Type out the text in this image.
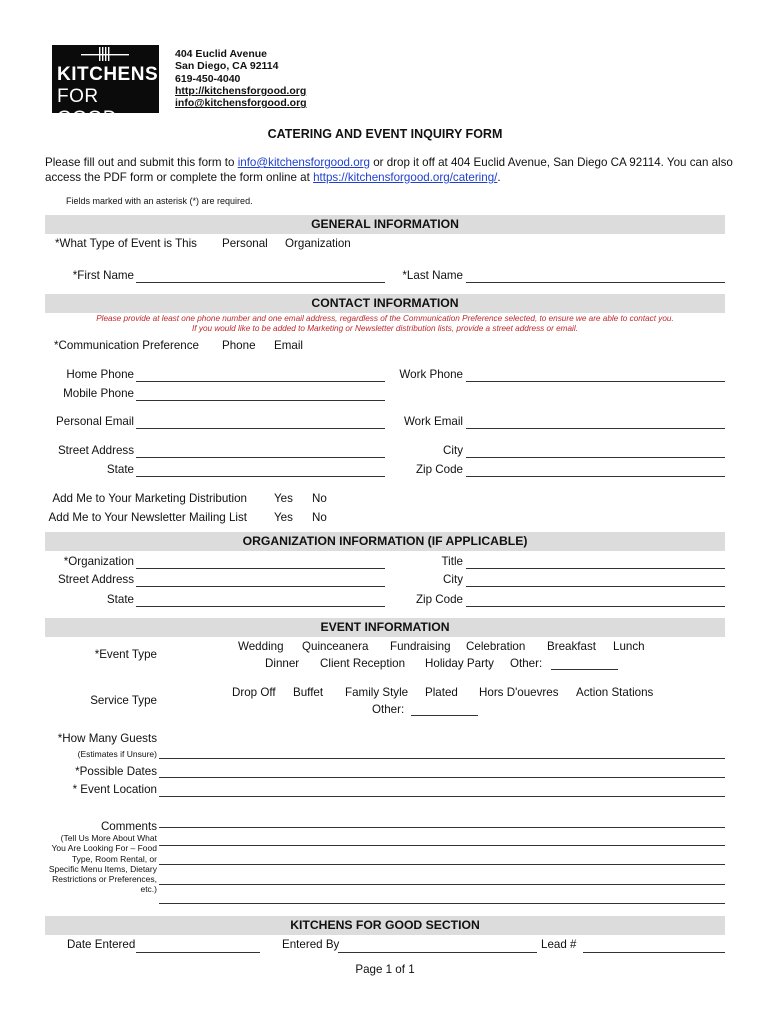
KITCHENS
FOR GOOD
404 Euclid Avenue
San Diego, CA 92114
619-450-4040
http://kitchensforgood.org
info@kitchensforgood.org
CATERING AND EVENT INQUIRY FORM
Please fill out and submit this form to info@kitchensforgood.org or drop it off at 404 Euclid Avenue, San Diego CA 92114. You can also access the PDF form or complete the form online at https://kitchensforgood.org/catering/.
Fields marked with an asterisk (*) are required.
GENERAL INFORMATION
*What Type of Event is This Personal Organization
*First Name	*Last Name
CONTACT INFORMATION
Please provide at least one phone number and one email address, regardless of the Communication Preference selected, to ensure we are able to contact you.
If you would like to be added to Marketing or Newsletter distribution lists, provide a street address or email.
*Communication Preference Phone Email
Home Phone	Work Phone
Mobile Phone
Personal Email	Work Email
Street Address	City
State	Zip Code
Add Me to Your Marketing Distribution Yes No
Add Me to Your Newsletter Mailing List Yes No
ORGANIZATION INFORMATION (IF APPLICABLE)
*Organization	Title
Street Address	City
State	Zip Code
EVENT INFORMATION
*Event Type
Wedding Quinceanera Fundraising Celebration Breakfast Lunch
Dinner Client Reception Holiday Party Other:
Service Type
Drop Off Buffet Family Style Plated Hors D'ouevres Action Stations
Other:
*How Many Guests
(Estimates if Unsure)
*Possible Dates
* Event Location
Comments
(Tell Us More About What You Are Looking For – Food Type, Room Rental, or Specific Menu Items, Dietary Restrictions or Preferences, etc.)
KITCHENS FOR GOOD SECTION
Date Entered	Entered By	Lead #
Page 1 of 1
